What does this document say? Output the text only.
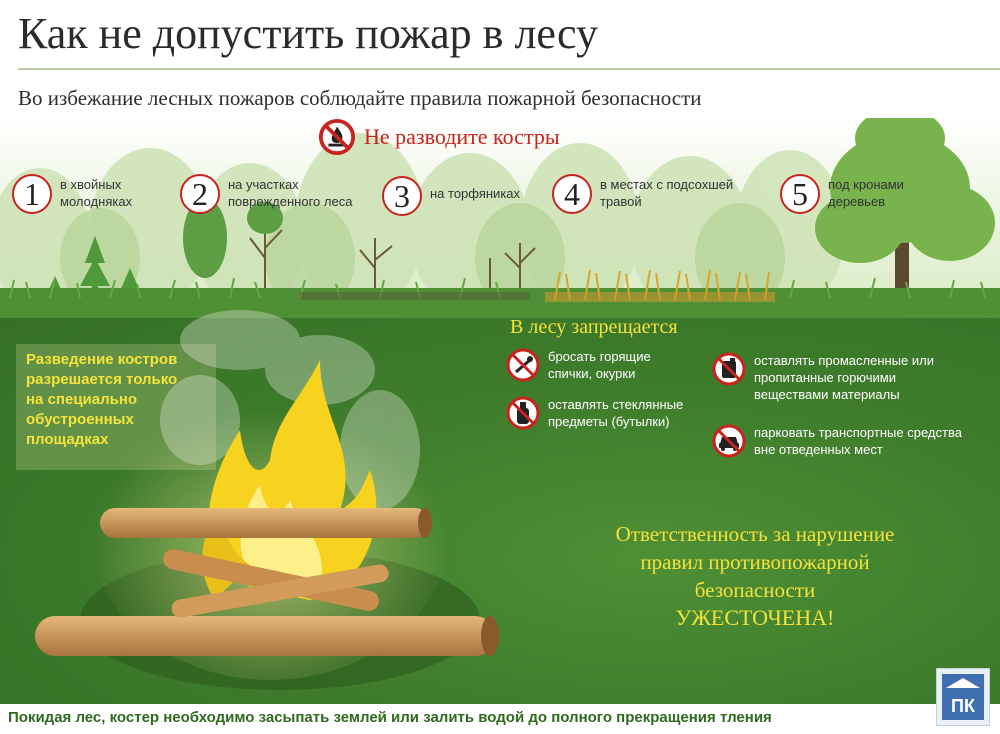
Как не допустить пожар в лесу
Во избежание лесных пожаров соблюдайте правила пожарной безопасности
Не разводите костры
1	в хвойных
молодняках	2	на участках
поврежденного леса	3	на торфяниках	4	в местах с подсохшей
травой	5	под кронами
деревьев
Разведение костров
разрешается только
на специально
обустроенных
площадках
В лесу запрещается
бросать горящие
спички, окурки
оставлять стеклянные
предметы (бутылки)
оставлять промасленные или
пропитанные горючими
веществами материалы
парковать транспортные средства
вне отведенных мест
Ответственность за нарушение
правил противопожарной
безопасности
УЖЕСТОЧЕНА!
Покидая лес, костер необходимо засыпать землей или залить водой до полного прекращения тления
ПК
